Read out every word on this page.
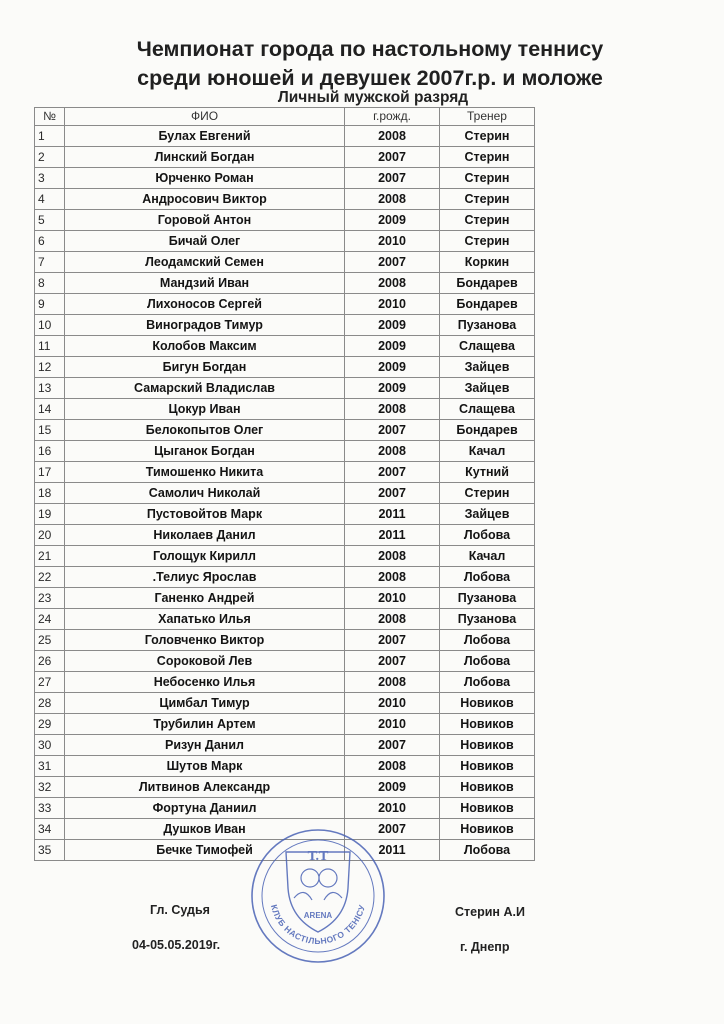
Чемпионат города по настольному теннису
среди юношей и девушек 2007г.р. и моложе
Личный мужской разряд
№	ФИО	г.рожд.	Тренер
1	Булах Евгений	2008	Стерин
2	Линский Богдан	2007	Стерин
3	Юрченко Роман	2007	Стерин
4	Андросович Виктор	2008	Стерин
5	Горовой Антон	2009	Стерин
6	Бичай Олег	2010	Стерин
7	Леодамский Семен	2007	Коркин
8	Мандзий Иван	2008	Бондарев
9	Лихоносов Сергей	2010	Бондарев
10	Виноградов Тимур	2009	Пузанова
11	Колобов Максим	2009	Слащева
12	Бигун Богдан	2009	Зайцев
13	Самарский Владислав	2009	Зайцев
14	Цокур Иван	2008	Слащева
15	Белокопытов Олег	2007	Бондарев
16	Цыганок Богдан	2008	Качал
17	Тимошенко Никита	2007	Кутний
18	Самолич Николай	2007	Стерин
19	Пустовойтов Марк	2011	Зайцев
20	Николаев Данил	2011	Лобова
21	Голощук Кирилл	2008	Качал
22	.Телиус Ярослав	2008	Лобова
23	Ганенко Андрей	2010	Пузанова
24	Хапатько Илья	2008	Пузанова
25	Головченко Виктор	2007	Лобова
26	Сороковой Лев	2007	Лобова
27	Небосенко Илья	2008	Лобова
28	Цимбал Тимур	2010	Новиков
29	Трубилин Артем	2010	Новиков
30	Ризун Данил	2007	Новиков
31	Шутов Марк	2008	Новиков
32	Литвинов Александр	2009	Новиков
33	Фортуна Даниил	2010	Новиков
34	Душков Иван	2007	Новиков
35	Бечке Тимофей	2011	Лобова
Гл. Судья	Стерин А.И
04-05.05.2019г.	г. Днепр
Т.Т
ARENA
КЛУБ НАСТІЛЬНОГО ТЕНІСУ
